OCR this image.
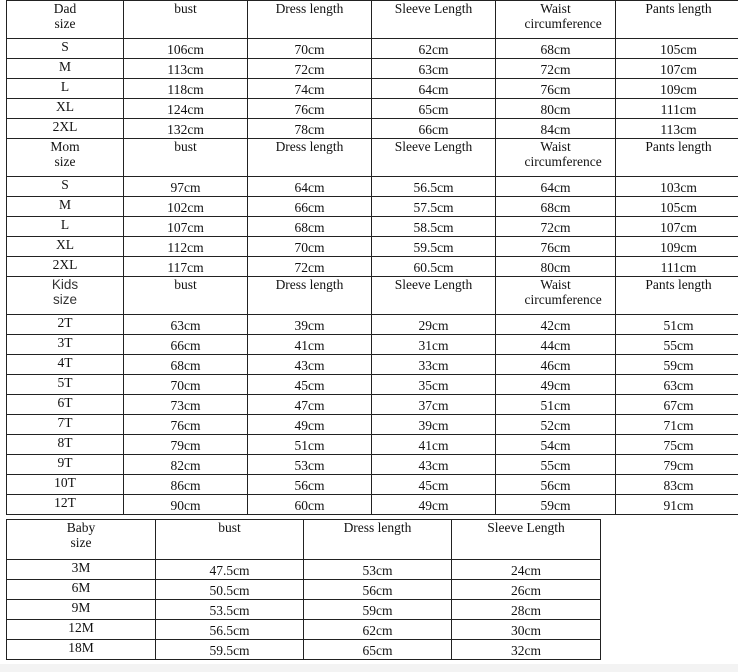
Dad
size	bust	Dress length	Sleeve Length	Waist circumference	Pants length

S	106cm	70cm	62cm	68cm	105cm
M	113cm	72cm	63cm	72cm	107cm
L	118cm	74cm	64cm	76cm	109cm
XL	124cm	76cm	65cm	80cm	111cm
2XL	132cm	78cm	66cm	84cm	113cm

Mom
size	bust	Dress length	Sleeve Length	Waist circumference	Pants length

S	97cm	64cm	56.5cm	64cm	103cm
M	102cm	66cm	57.5cm	68cm	105cm
L	107cm	68cm	58.5cm	72cm	107cm
XL	112cm	70cm	59.5cm	76cm	109cm
2XL	117cm	72cm	60.5cm	80cm	111cm

Kids
size	bust	Dress length	Sleeve Length	Waist circumference	Pants length

2T	63cm	39cm	29cm	42cm	51cm
3T	66cm	41cm	31cm	44cm	55cm
4T	68cm	43cm	33cm	46cm	59cm
5T	70cm	45cm	35cm	49cm	63cm
6T	73cm	47cm	37cm	51cm	67cm
7T	76cm	49cm	39cm	52cm	71cm
8T	79cm	51cm	41cm	54cm	75cm
9T	82cm	53cm	43cm	55cm	79cm
10T	86cm	56cm	45cm	56cm	83cm
12T	90cm	60cm	49cm	59cm	91cm
Baby
size	bust	Dress length	Sleeve Length

3M	47.5cm	53cm	24cm
6M	50.5cm	56cm	26cm
9M	53.5cm	59cm	28cm
12M	56.5cm	62cm	30cm
18M	59.5cm	65cm	32cm
